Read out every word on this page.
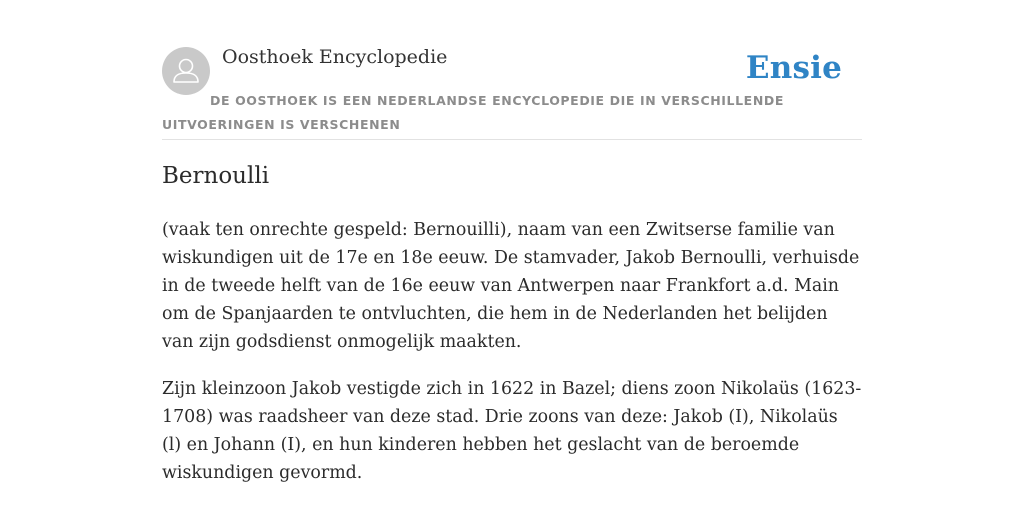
Oosthoek Encyclopedie	Ensie
DE OOSTHOEK IS EEN NEDERLANDSE ENCYCLOPEDIE DIE IN VERSCHILLENDE UITVOERINGEN IS VERSCHENEN
Bernoulli

(vaak ten onrechte gespeld: Bernouilli), naam van een Zwitserse familie van wiskundigen uit de 17e en 18e eeuw. De stamvader, Jakob Bernoulli, verhuisde in de tweede helft van de 16e eeuw van Antwerpen naar Frankfort a.d. Main om de Spanjaarden te ontvluchten, die hem in de Nederlanden het belijden van zijn godsdienst onmogelijk maakten.

Zijn kleinzoon Jakob vestigde zich in 1622 in Bazel; diens zoon Nikolaüs (1623-1708) was raadsheer van deze stad. Drie zoons van deze: Jakob (I), Nikolaüs (l) en Johann (I), en hun kinderen hebben het geslacht van de beroemde wiskundigen gevormd.
